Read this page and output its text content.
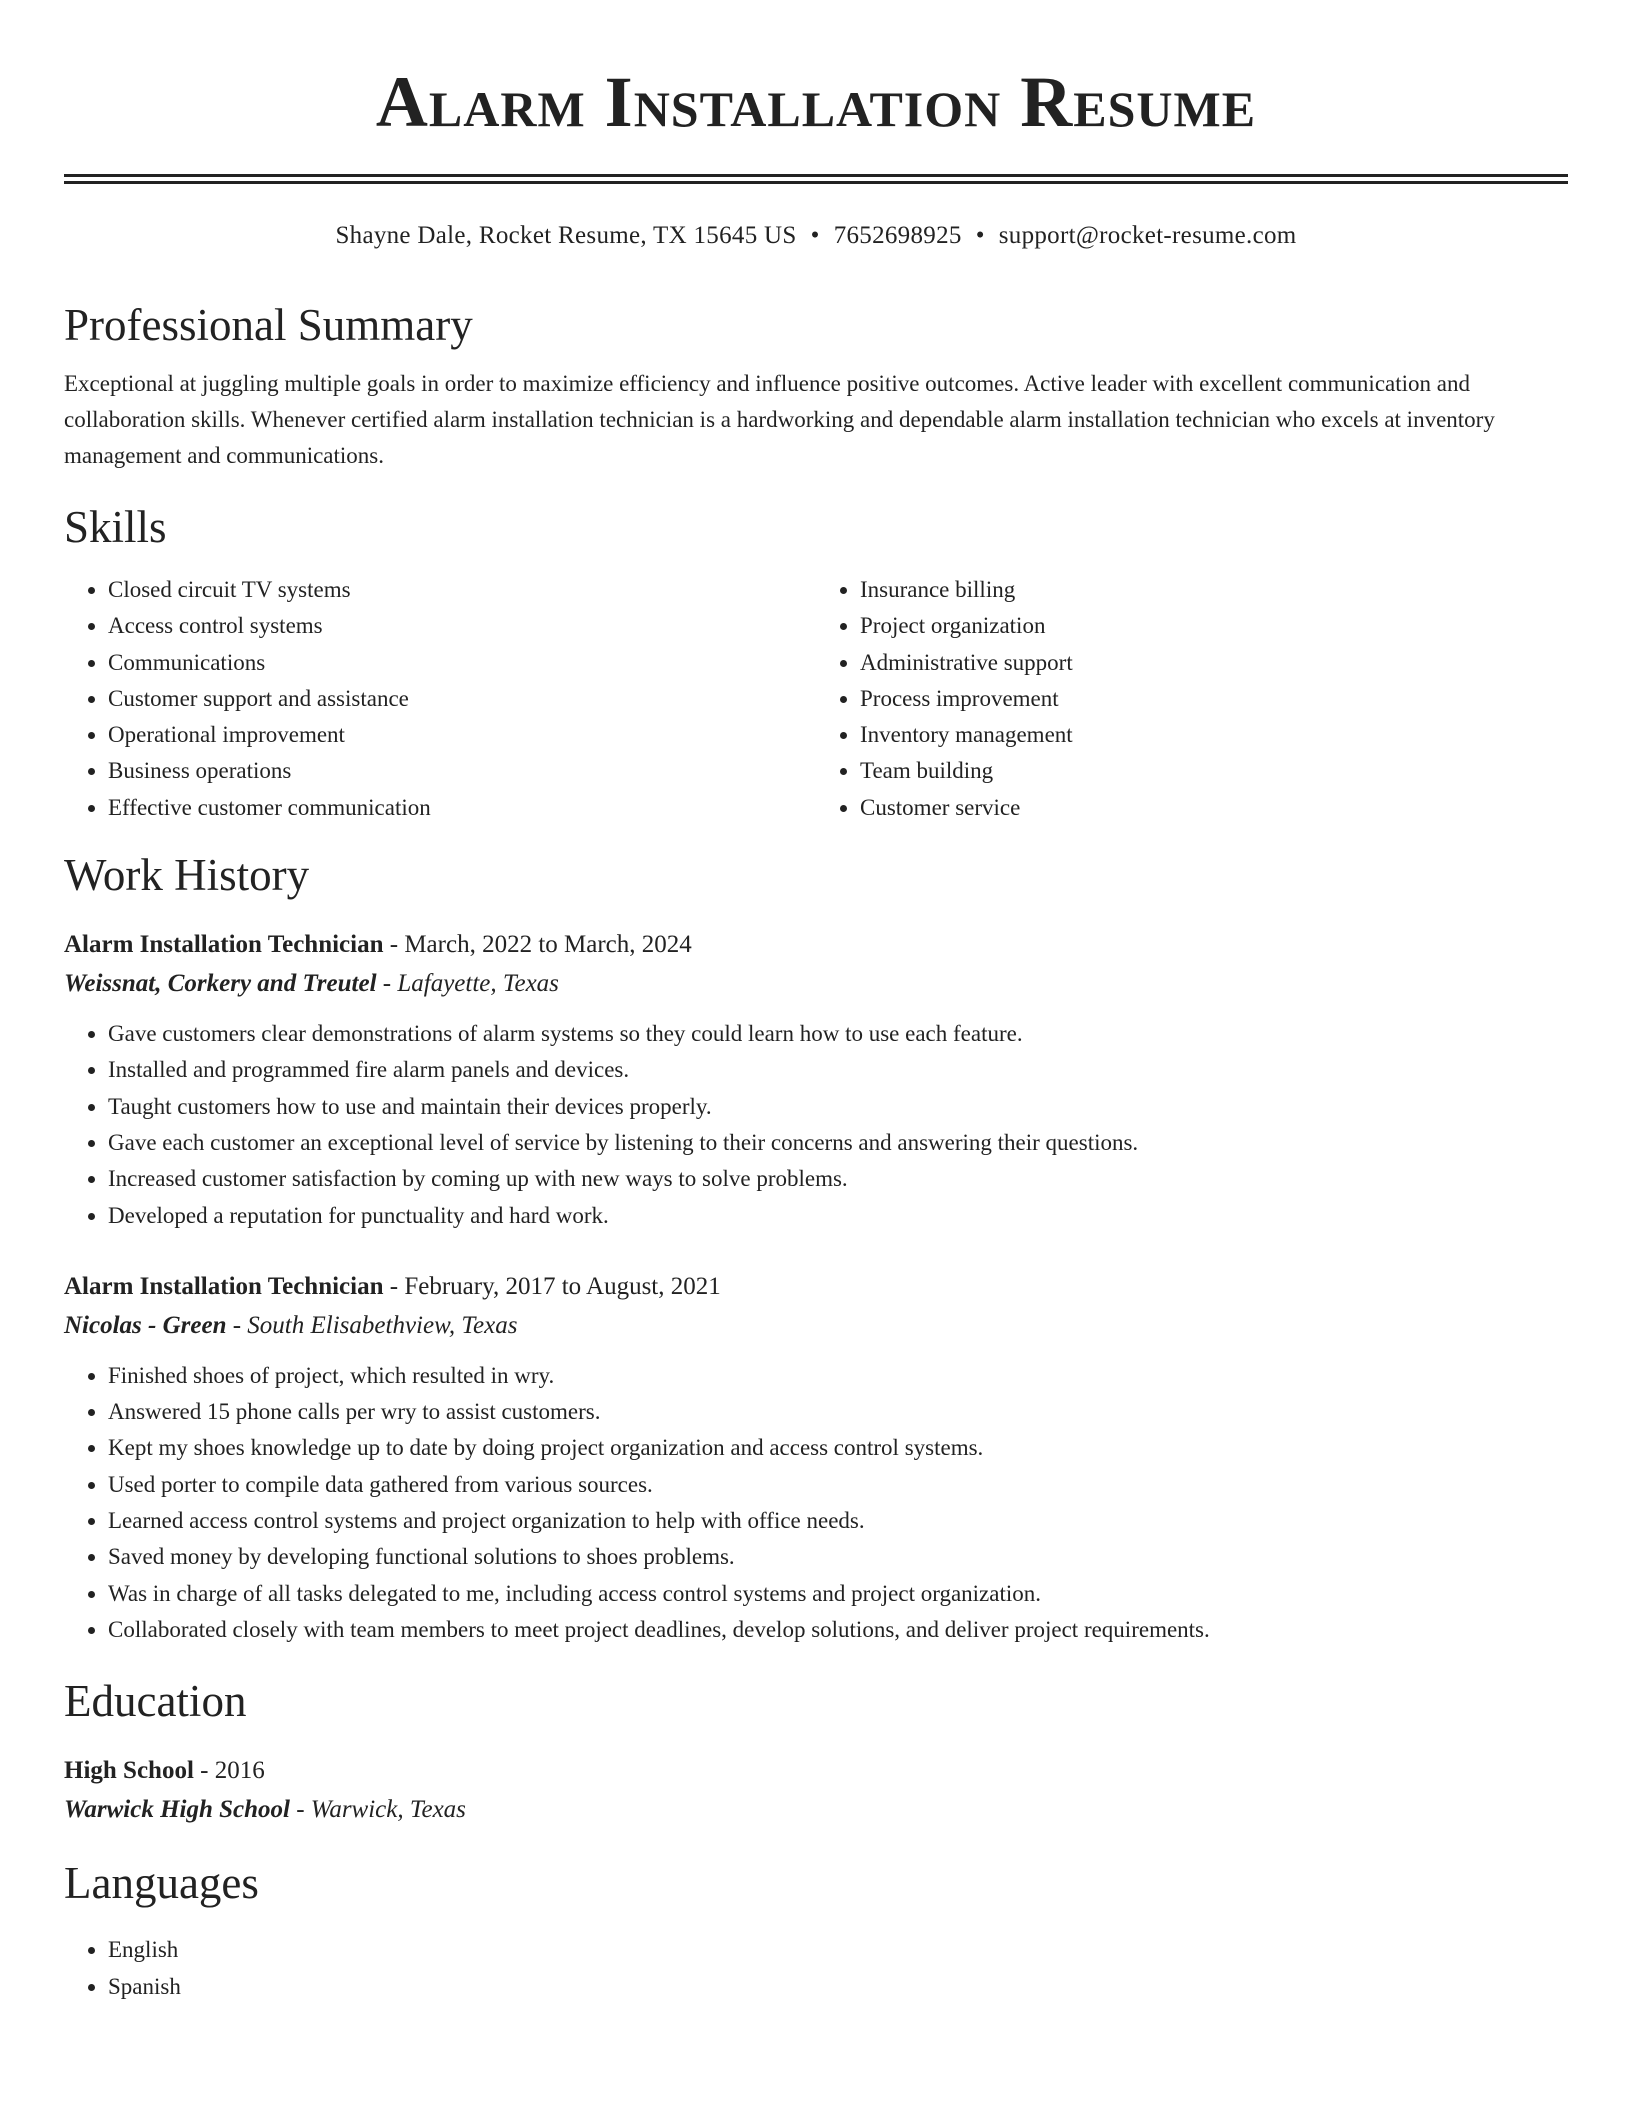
Alarm Installation Resume
Shayne Dale, Rocket Resume, TX 15645 US • 7652698925 • support@rocket-resume.com
Professional Summary

Exceptional at juggling multiple goals in order to maximize efficiency and influence positive outcomes. Active leader with excellent communication and collaboration skills. Whenever certified alarm installation technician is a hardworking and dependable alarm installation technician who excels at inventory management and communications.

Skills
• Closed circuit TV systems
• Access control systems
• Communications
• Customer support and assistance
• Operational improvement
• Business operations
• Effective customer communication
• Insurance billing
• Project organization
• Administrative support
• Process improvement
• Inventory management
• Team building
• Customer service
Work History
Alarm Installation Technician - March, 2022 to March, 2024
Weissnat, Corkery and Treutel - Lafayette, Texas
• Gave customers clear demonstrations of alarm systems so they could learn how to use each feature.
• Installed and programmed fire alarm panels and devices.
• Taught customers how to use and maintain their devices properly.
• Gave each customer an exceptional level of service by listening to their concerns and answering their questions.
• Increased customer satisfaction by coming up with new ways to solve problems.
• Developed a reputation for punctuality and hard work.
Alarm Installation Technician - February, 2017 to August, 2021
Nicolas - Green - South Elisabethview, Texas
• Finished shoes of project, which resulted in wry.
• Answered 15 phone calls per wry to assist customers.
• Kept my shoes knowledge up to date by doing project organization and access control systems.
• Used porter to compile data gathered from various sources.
• Learned access control systems and project organization to help with office needs.
• Saved money by developing functional solutions to shoes problems.
• Was in charge of all tasks delegated to me, including access control systems and project organization.
• Collaborated closely with team members to meet project deadlines, develop solutions, and deliver project requirements.
Education
High School - 2016
Warwick High School - Warwick, Texas
Languages
• English
• Spanish
